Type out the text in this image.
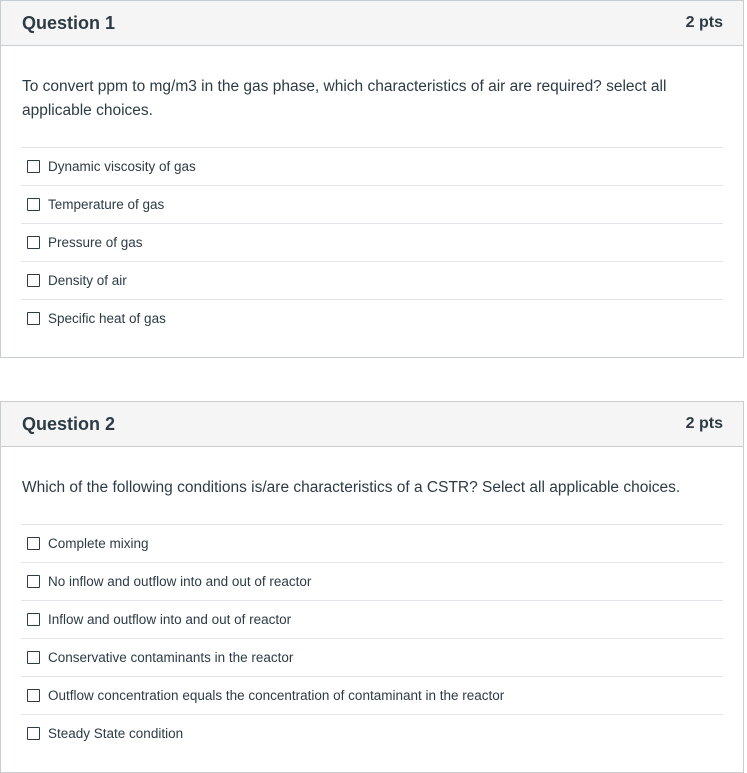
Question 1	2 pts
To convert ppm to mg/m3 in the gas phase, which characteristics of air are required? select all applicable choices.
Dynamic viscosity of gas
Temperature of gas
Pressure of gas
Density of air
Specific heat of gas
Question 2	2 pts
Which of the following conditions is/are characteristics of a CSTR? Select all applicable choices.
Complete mixing
No inflow and outflow into and out of reactor
Inflow and outflow into and out of reactor
Conservative contaminants in the reactor
Outflow concentration equals the concentration of contaminant in the reactor
Steady State condition
